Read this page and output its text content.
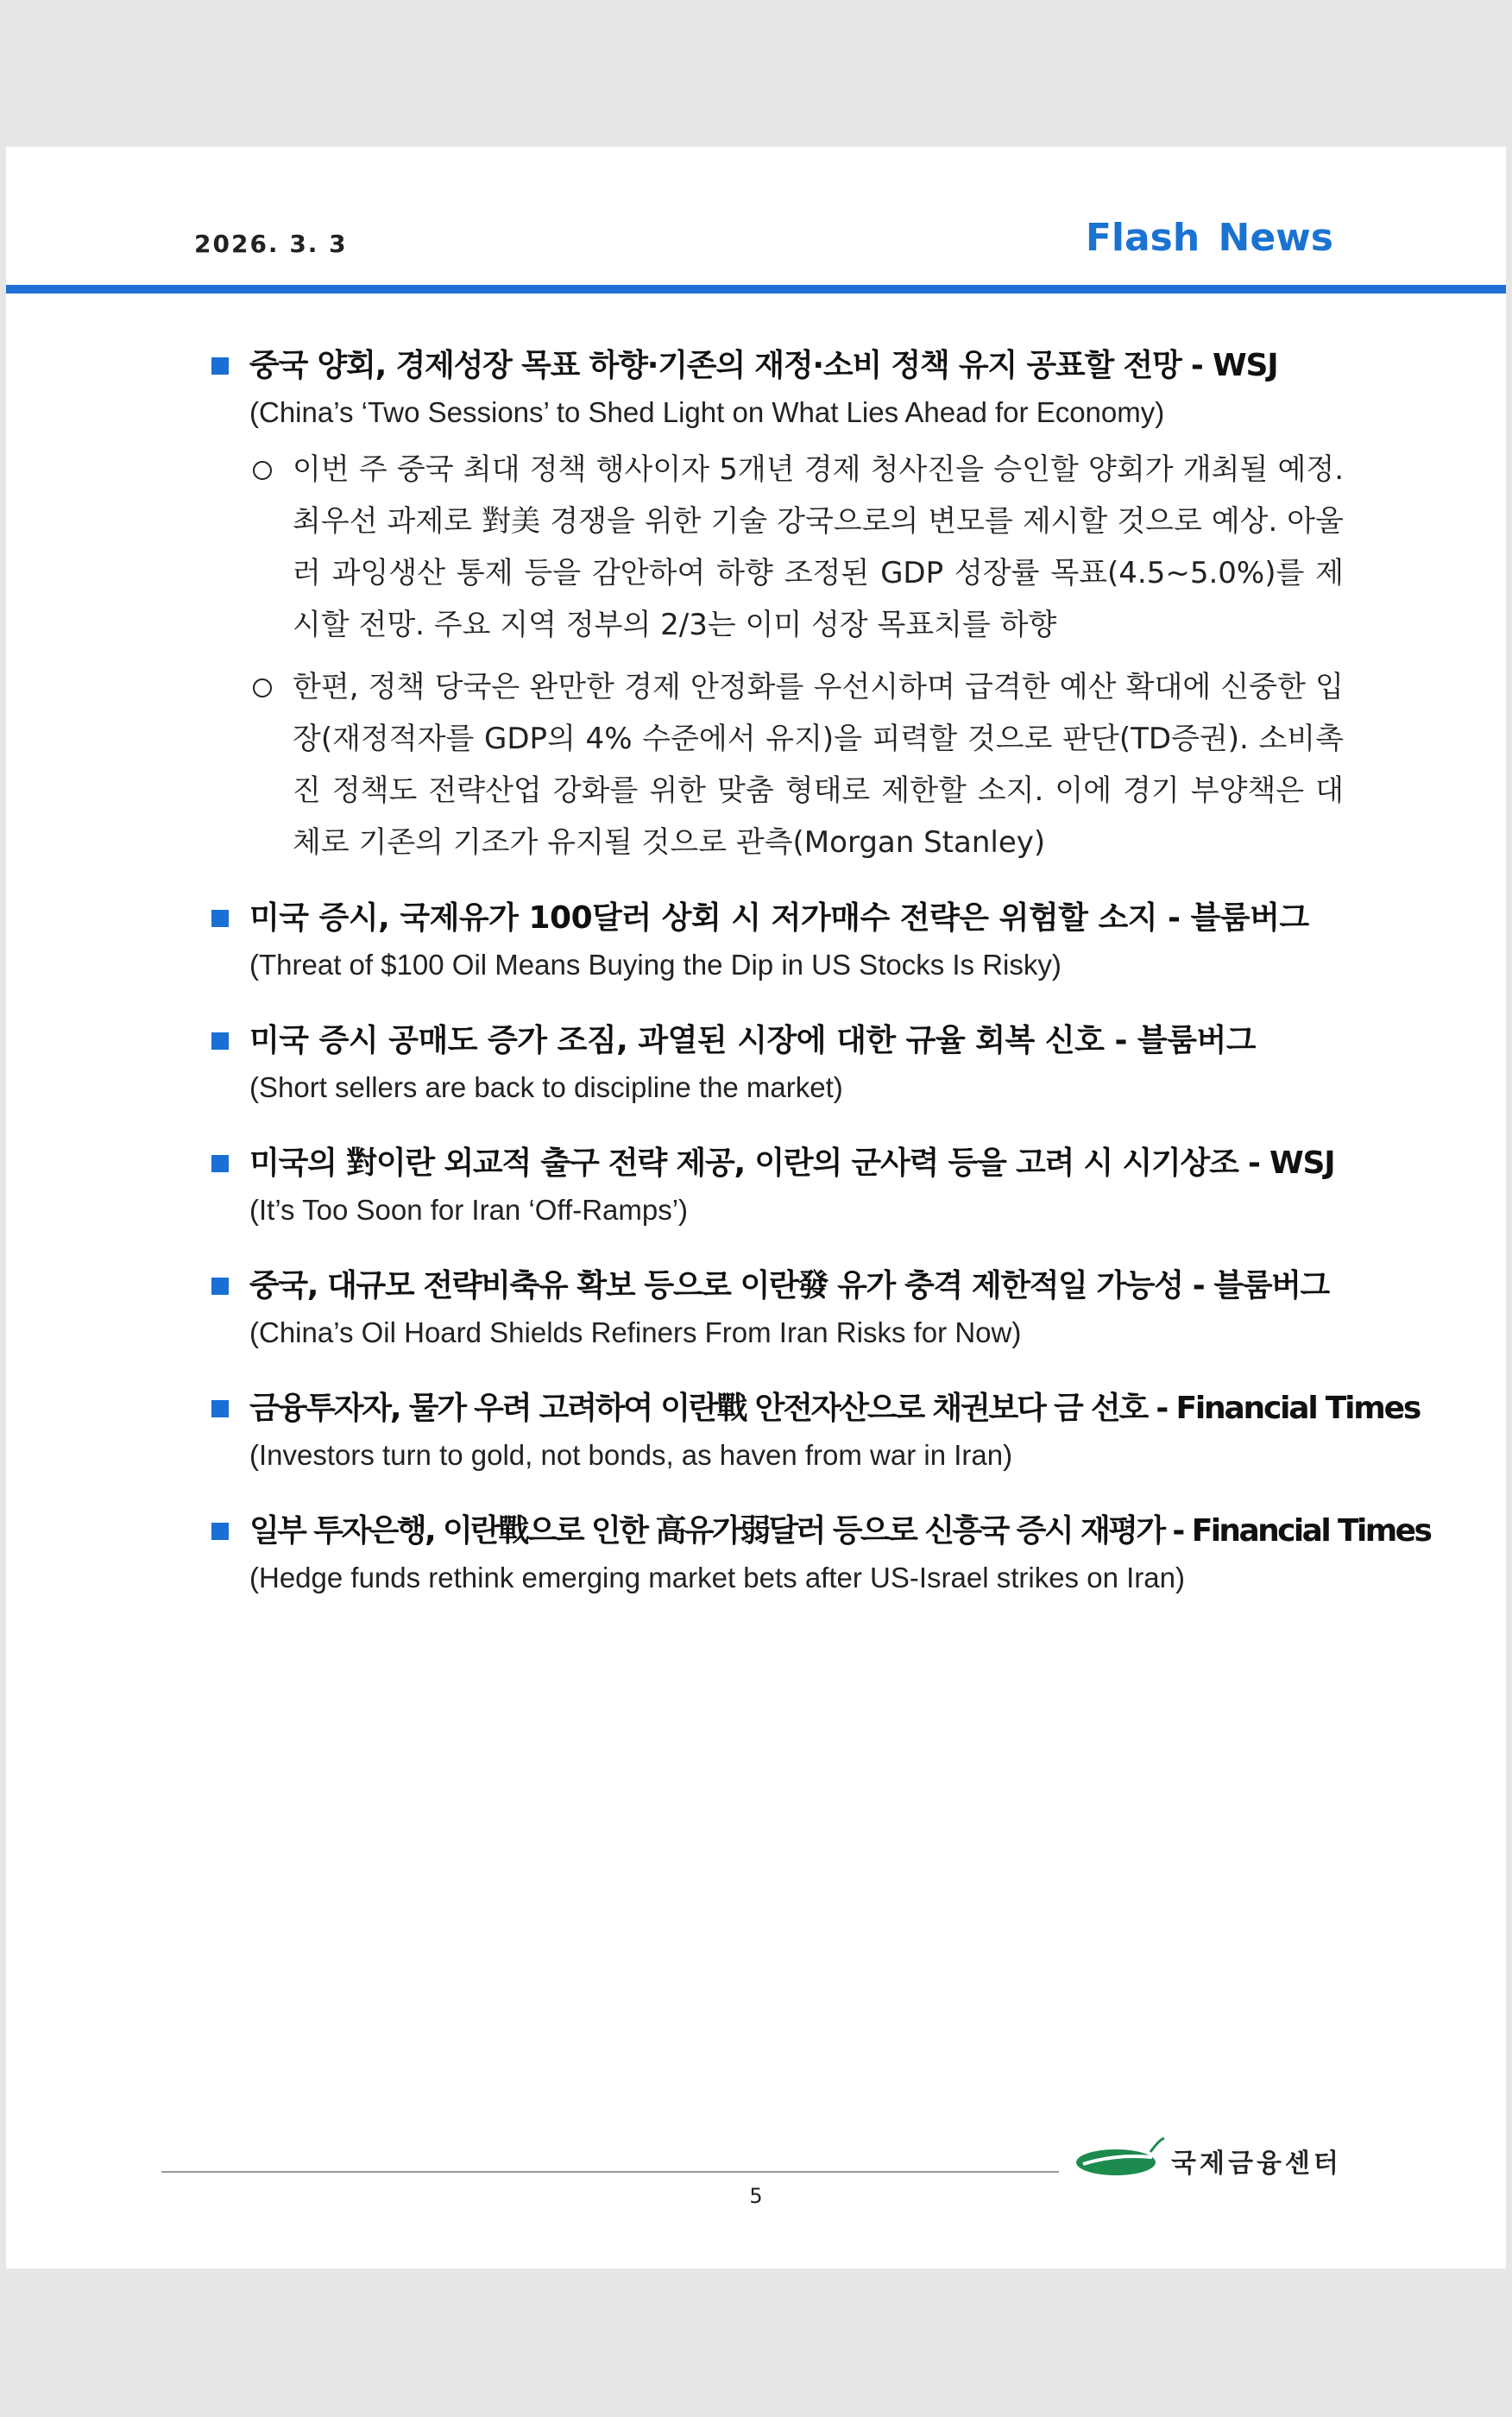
2026. 3. 3	Flash News
중국 양회, 경제성장 목표 하향·기존의 재정·소비 정책 유지 공표할 전망 - WSJ
(China’s ‘Two Sessions’ to Shed Light on What Lies Ahead for Economy)
이번 주 중국 최대 정책 행사이자 5개년 경제 청사진을 승인할 양회가 개최될 예정. 최우선 과제로 對美 경쟁을 위한 기술 강국으로의 변모를 제시할 것으로 예상. 아울러 과잉생산 통제 등을 감안하여 하향 조정된 GDP 성장률 목표(4.5~5.0%)를 제시할 전망. 주요 지역 정부의 2/3는 이미 성장 목표치를 하향
한편, 정책 당국은 완만한 경제 안정화를 우선시하며 급격한 예산 확대에 신중한 입장(재정적자를 GDP의 4% 수준에서 유지)을 피력할 것으로 판단(TD증권). 소비촉진 정책도 전략산업 강화를 위한 맞춤 형태로 제한할 소지. 이에 경기 부양책은 대체로 기존의 기조가 유지될 것으로 관측(Morgan Stanley)
미국 증시, 국제유가 100달러 상회 시 저가매수 전략은 위험할 소지 - 블룸버그
(Threat of $100 Oil Means Buying the Dip in US Stocks Is Risky)
미국 증시 공매도 증가 조짐, 과열된 시장에 대한 규율 회복 신호 - 블룸버그
(Short sellers are back to discipline the market)
미국의 對이란 외교적 출구 전략 제공, 이란의 군사력 등을 고려 시 시기상조 - WSJ
(It’s Too Soon for Iran ‘Off-Ramps’)
중국, 대규모 전략비축유 확보 등으로 이란發 유가 충격 제한적일 가능성 - 블룸버그
(China’s Oil Hoard Shields Refiners From Iran Risks for Now)
금융투자자, 물가 우려 고려하여 이란戰 안전자산으로 채권보다 금 선호 - Financial Times
(Investors turn to gold, not bonds, as haven from war in Iran)
일부 투자은행, 이란戰으로 인한 高유가弱달러 등으로 신흥국 증시 재평가 - Financial Times
(Hedge funds rethink emerging market bets after US-Israel strikes on Iran)
국제금융센터
5
